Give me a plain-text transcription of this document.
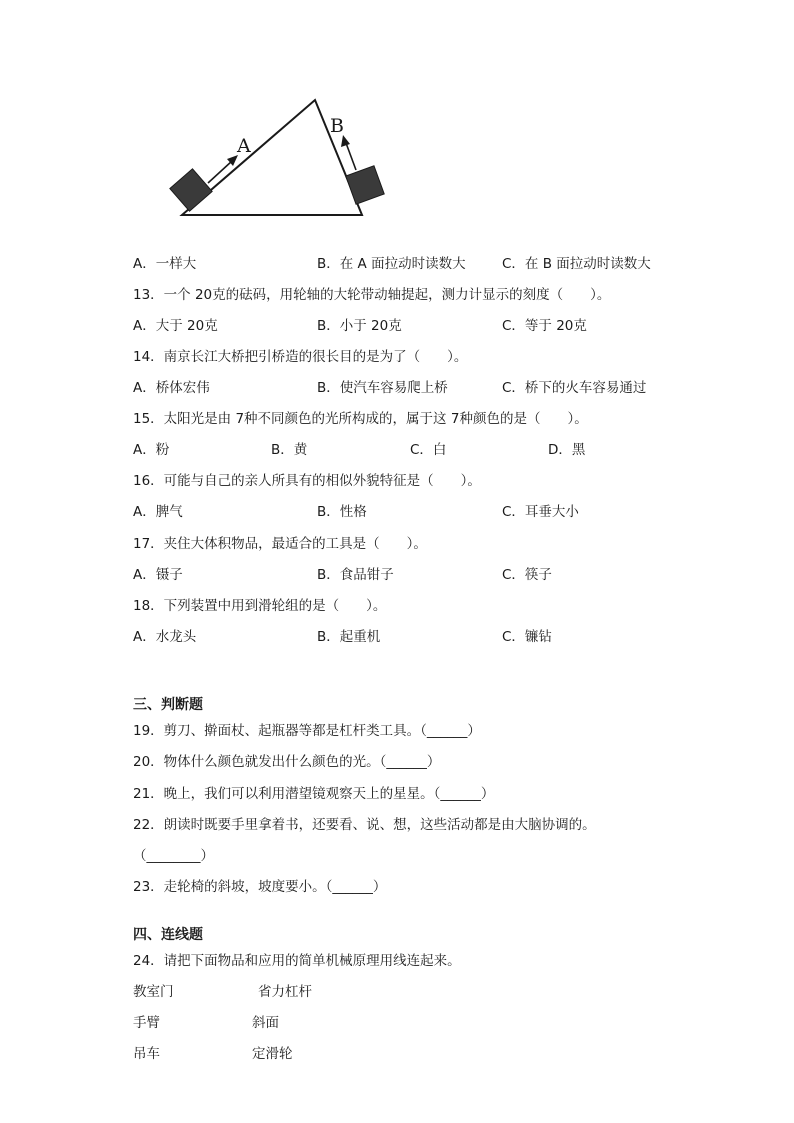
A
B
A．一样大	B．在 A 面拉动时读数大	C．在 B 面拉动时读数大
13．一个 20克的砝码，用轮轴的大轮带动轴提起，测力计显示的刻度（　　）。
A．大于 20克	B．小于 20克	C．等于 20克
14．南京长江大桥把引桥造的很长目的是为了（　　）。
A．桥体宏伟	B．使汽车容易爬上桥	C．桥下的火车容易通过
15．太阳光是由 7种不同颜色的光所构成的，属于这 7种颜色的是（　　）。
A．粉	B．黄	C．白	D．黑
16．可能与自己的亲人所具有的相似外貌特征是（　　）。
A．脾气	B．性格	C．耳垂大小
17．夹住大体积物品，最适合的工具是（　　）。
A．镊子	B．食品钳子	C．筷子
18．下列装置中用到滑轮组的是（　　）。
A．水龙头	B．起重机	C．镰钻
三、判断题
19．剪刀、擀面杖、起瓶器等都是杠杆类工具。（______）
20．物体什么颜色就发出什么颜色的光。（______）
21．晚上，我们可以利用潜望镜观察天上的星星。（______）
22．朗读时既要手里拿着书，还要看、说、想，这些活动都是由大脑协调的。
（________）
23．走轮椅的斜坡，坡度要小。（______）
四、连线题
24．请把下面物品和应用的简单机械原理用线连起来。
教室门	省力杠杆
手臂	斜面
吊车	定滑轮
